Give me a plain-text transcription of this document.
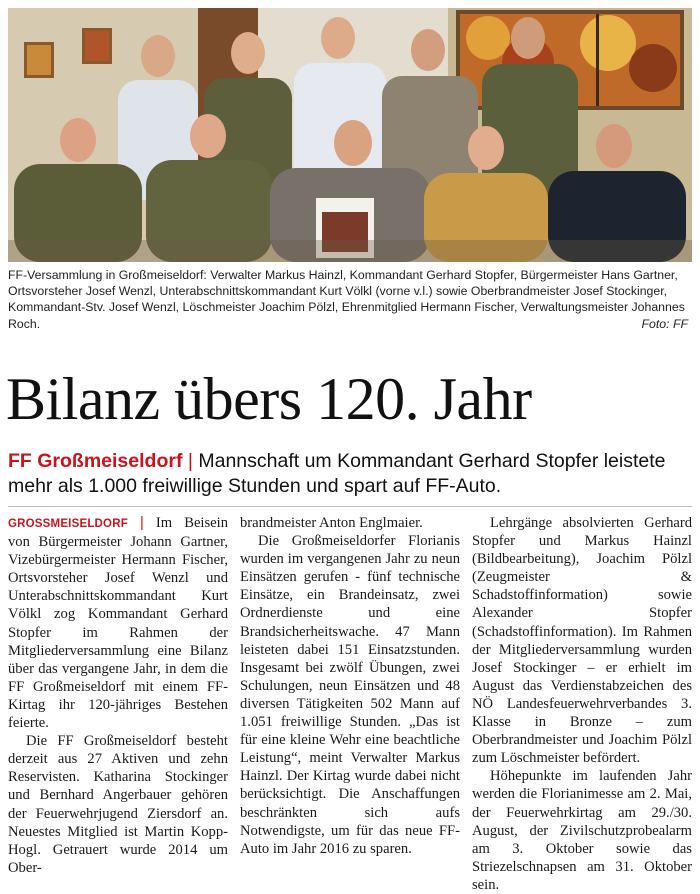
FF-Versammlung in Großmeiseldorf: Verwalter Markus Hainzl, Kommandant Gerhard Stopfer, Bürgermeister Hans Gartner, Ortsvorsteher Josef Wenzl, Unterabschnittskommandant Kurt Völkl (vorne v.l.) sowie Oberbrandmeister Josef Stockinger, Kommandant-Stv. Josef Wenzl, Löschmeister Joachim Pölzl, Ehrenmitglied Hermann Fischer, Verwaltungsmeister Johannes Roch.	Foto: FF
Bilanz übers 120. Jahr
FF Großmeiseldorf | Mannschaft um Kommandant Gerhard Stopfer leistete mehr als 1.000 freiwillige Stunden und spart auf FF-Auto.

GROSSMEISELDORF | Im Beisein von Bürgermeister Johann Gartner, Vizebürgermeister Hermann Fischer, Ortsvorsteher Josef Wenzl und Unterabschnittskommandant Kurt Völkl zog Kommandant Gerhard Stopfer im Rahmen der Mitgliederversammlung eine Bilanz über das vergangene Jahr, in dem die FF Großmeiseldorf mit einem FF-Kirtag ihr 120-jähriges Bestehen feierte.

Die FF Großmeiseldorf besteht derzeit aus 27 Aktiven und zehn Reservisten. Katharina Stockinger und Bernhard Angerbauer gehören der Feuerwehrjugend Ziersdorf an. Neuestes Mitglied ist Martin Kopp-Hogl. Getrauert wurde 2014 um Ober-

brandmeister Anton Englmaier.

Die Großmeiseldorfer Florianis wurden im vergangenen Jahr zu neun Einsätzen gerufen - fünf technische Einsätze, ein Brandeinsatz, zwei Ordnerdienste und eine Brandsicherheitswache. 47 Mann leisteten dabei 151 Einsatzstunden. Insgesamt bei zwölf Übungen, zwei Schulungen, neun Einsätzen und 48 diversen Tätigkeiten 502 Mann auf 1.051 freiwillige Stunden. „Das ist für eine kleine Wehr eine beachtliche Leistung“, meint Verwalter Markus Hainzl. Der Kirtag wurde dabei nicht berücksichtigt. Die Anschaffungen beschränkten sich aufs Notwendigste, um für das neue FF-Auto im Jahr 2016 zu sparen.

Lehrgänge absolvierten Gerhard Stopfer und Markus Hainzl (Bildbearbeitung), Joachim Pölzl (Zeugmeister & Schadstoffinformation) sowie Alexander Stopfer (Schadstoffinformation). Im Rahmen der Mitgliederversammlung wurden Josef Stockinger – er erhielt im August das Verdienstabzeichen des NÖ Landesfeuerwehrverbandes 3. Klasse in Bronze – zum Oberbrandmeister und Joachim Pölzl zum Löschmeister befördert.

Höhepunkte im laufenden Jahr werden die Florianimesse am 2. Mai, der Feuerwehrkirtag am 29./30. August, der Zivilschutzprobealarm am 3. Oktober sowie das Striezelschnapsen am 31. Oktober sein.
